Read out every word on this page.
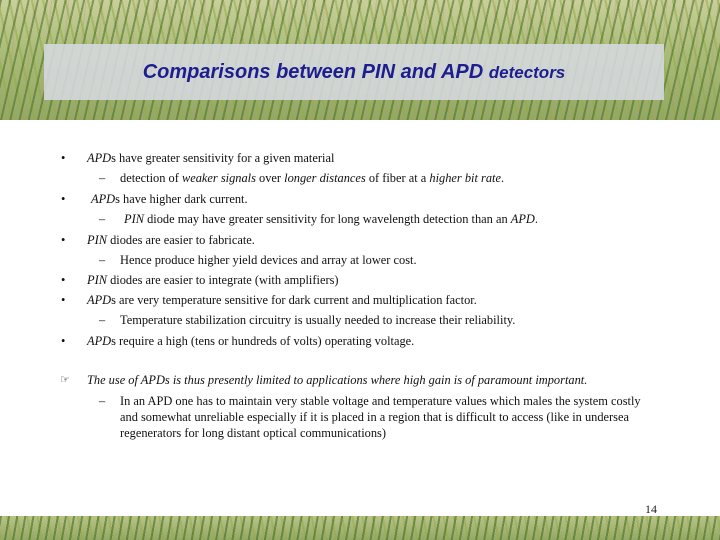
Comparisons between PIN and APD detectors
• APDs have greater sensitivity for a given material
– detection of weaker signals over longer distances of fiber at a higher bit rate.
• APDs have higher dark current.
– PIN diode may have greater sensitivity for long wavelength detection than an APD.
• PIN diodes are easier to fabricate.
– Hence produce higher yield devices and array at lower cost.
• PIN diodes are easier to integrate (with amplifiers)
• APDs are very temperature sensitive for dark current and multiplication factor.
– Temperature stabilization circuitry is usually needed to increase their reliability.
• APDs require a high (tens or hundreds of volts) operating voltage.
☞ The use of APDs is thus presently limited to applications where high gain is of paramount important.
– In an APD one has to maintain very stable voltage and temperature values which males the system costly and somewhat unreliable especially if it is placed in a region that is difficult to access (like in undersea regenerators for long distant optical communications)
14
